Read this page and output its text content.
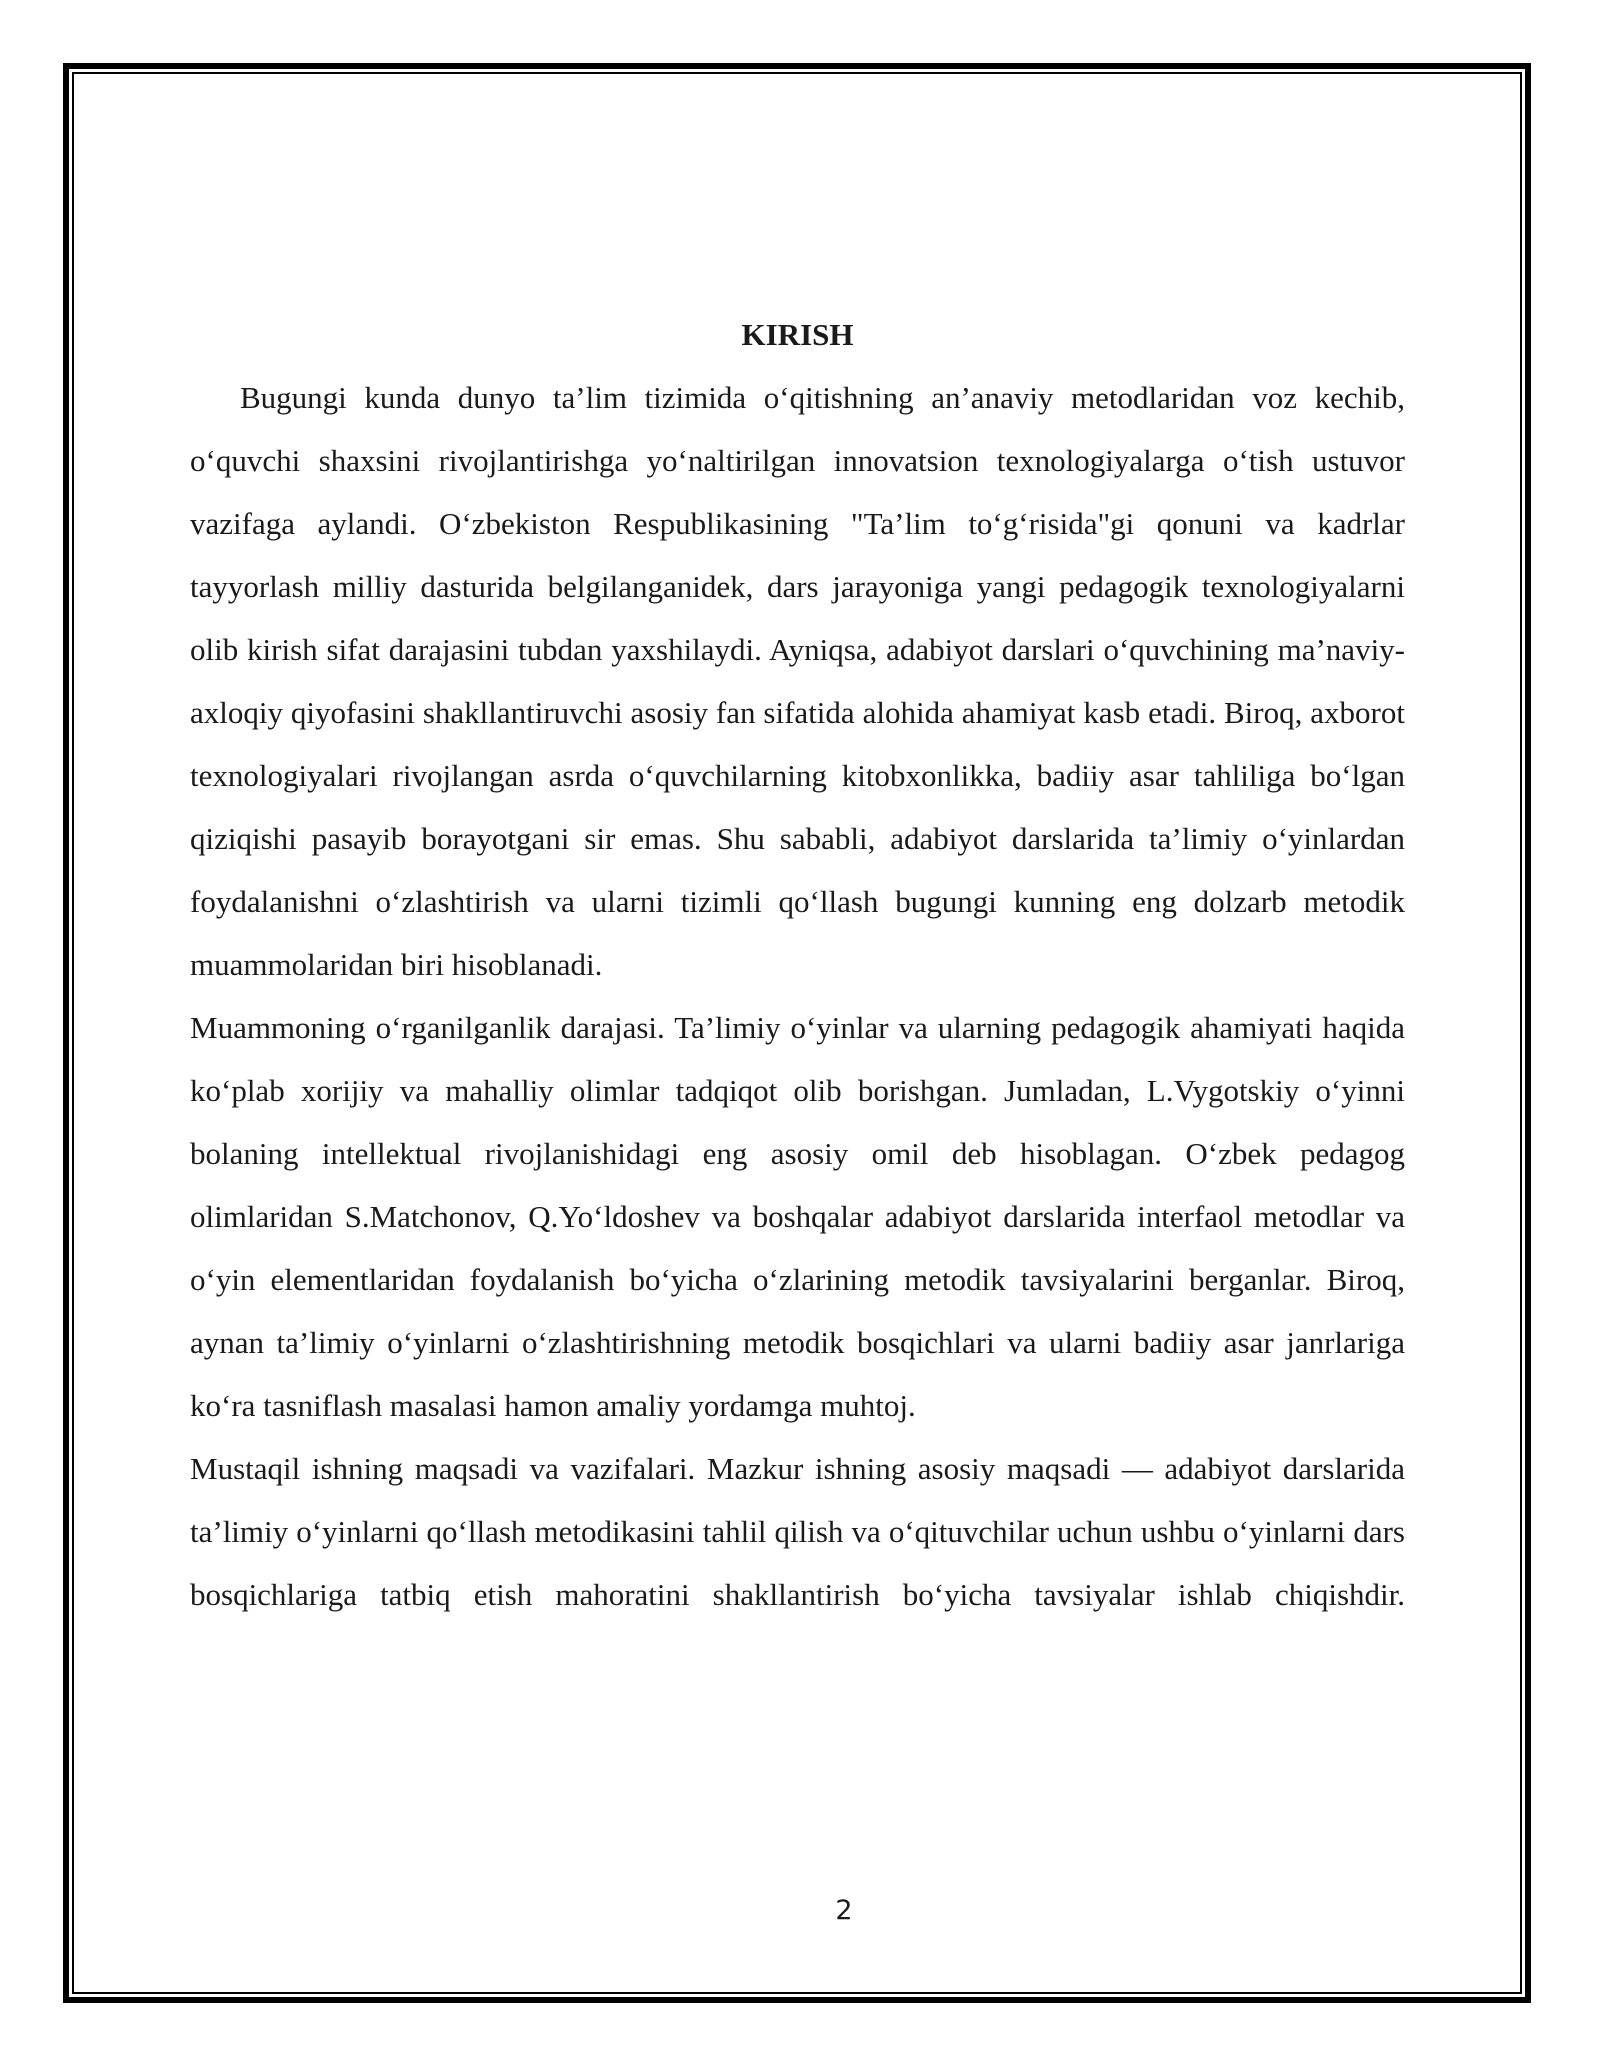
KIRISH

Bugungi kunda dunyo ta’lim tizimida o‘qitishning an’anaviy metodlaridan voz kechib, o‘quvchi shaxsini rivojlantirishga yo‘naltirilgan innovatsion texnologiyalarga o‘tish ustuvor vazifaga aylandi. O‘zbekiston Respublikasining "Ta’lim to‘g‘risida"gi qonuni va kadrlar tayyorlash milliy dasturida belgilanganidek, dars jarayoniga yangi pedagogik texnologiyalarni olib kirish sifat darajasini tubdan yaxshilaydi. Ayniqsa, adabiyot darslari o‘quvchining ma’naviy-axloqiy qiyofasini shakllantiruvchi asosiy fan sifatida alohida ahamiyat kasb etadi. Biroq, axborot texnologiyalari rivojlangan asrda o‘quvchilarning kitobxonlikka, badiiy asar tahliliga bo‘lgan qiziqishi pasayib borayotgani sir emas. Shu sababli, adabiyot darslarida ta’limiy o‘yinlardan foydalanishni o‘zlashtirish va ularni tizimli qo‘llash bugungi kunning eng dolzarb metodik muammolaridan biri hisoblanadi.

Muammoning o‘rganilganlik darajasi. Ta’limiy o‘yinlar va ularning pedagogik ahamiyati haqida ko‘plab xorijiy va mahalliy olimlar tadqiqot olib borishgan. Jumladan, L.Vygotskiy o‘yinni bolaning intellektual rivojlanishidagi eng asosiy omil deb hisoblagan. O‘zbek pedagog olimlaridan S.Matchonov, Q.Yo‘ldoshev va boshqalar adabiyot darslarida interfaol metodlar va o‘yin elementlaridan foydalanish bo‘yicha o‘zlarining metodik tavsiyalarini berganlar. Biroq, aynan ta’limiy o‘yinlarni o‘zlashtirishning metodik bosqichlari va ularni badiiy asar janrlariga ko‘ra tasniflash masalasi hamon amaliy yordamga muhtoj.

Mustaqil ishning maqsadi va vazifalari. Mazkur ishning asosiy maqsadi — adabiyot darslarida ta’limiy o‘yinlarni qo‘llash metodikasini tahlil qilish va o‘qituvchilar uchun ushbu o‘yinlarni dars bosqichlariga tatbiq etish mahoratini shakllantirish bo‘yicha tavsiyalar ishlab chiqishdir.

2
